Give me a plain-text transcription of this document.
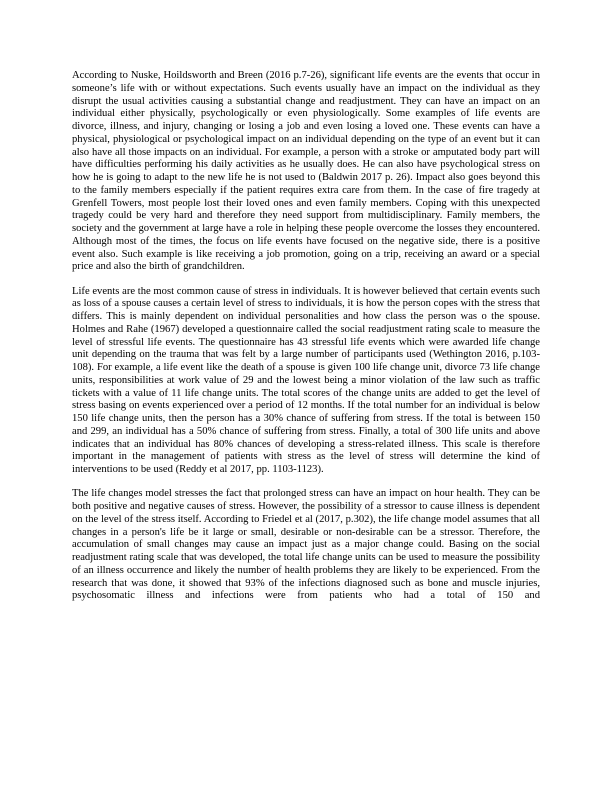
According to Nuske, Hoildsworth and Breen (2016 p.7-26), significant life events are the events that occur in someone’s life with or without expectations. Such events usually have an impact on the individual as they disrupt the usual activities causing a substantial change and readjustment. They can have an impact on an individual either physically, psychologically or even physiologically. Some examples of life events are divorce, illness, and injury, changing or losing a job and even losing a loved one. These events can have a physical, physiological or psychological impact on an individual depending on the type of an event but it can also have all those impacts on an individual. For example, a person with a stroke or amputated body part will have difficulties performing his daily activities as he usually does. He can also have psychological stress on how he is going to adapt to the new life he is not used to (Baldwin 2017 p. 26). Impact also goes beyond this to the family members especially if the patient requires extra care from them. In the case of fire tragedy at Grenfell Towers, most people lost their loved ones and even family members. Coping with this unexpected tragedy could be very hard and therefore they need support from multidisciplinary. Family members, the society and the government at large have a role in helping these people overcome the losses they encountered. Although most of the times, the focus on life events have focused on the negative side, there is a positive event also. Such example is like receiving a job promotion, going on a trip, receiving an award or a special price and also the birth of grandchildren.

Life events are the most common cause of stress in individuals. It is however believed that certain events such as loss of a spouse causes a certain level of stress to individuals, it is how the person copes with the stress that differs. This is mainly dependent on individual personalities and how class the person was o the spouse. Holmes and Rahe (1967) developed a questionnaire called the social readjustment rating scale to measure the level of stressful life events. The questionnaire has 43 stressful life events which were awarded life change unit depending on the trauma that was felt by a large number of participants used (Wethington 2016, p.103-108). For example, a life event like the death of a spouse is given 100 life change unit, divorce 73 life change units, responsibilities at work value of 29 and the lowest being a minor violation of the law such as traffic tickets with a value of 11 life change units. The total scores of the change units are added to get the level of stress basing on events experienced over a period of 12 months. If the total number for an individual is below 150 life change units, then the person has a 30% chance of suffering from stress. If the total is between 150 and 299, an individual has a 50% chance of suffering from stress. Finally, a total of 300 life units and above indicates that an individual has 80% chances of developing a stress-related illness. This scale is therefore important in the management of patients with stress as the level of stress will determine the kind of interventions to be used (Reddy et al 2017, pp. 1103-1123).

The life changes model stresses the fact that prolonged stress can have an impact on hour health. They can be both positive and negative causes of stress. However, the possibility of a stressor to cause illness is dependent on the level of the stress itself. According to Friedel et al (2017, p.302), the life change model assumes that all changes in a person's life be it large or small, desirable or non-desirable can be a stressor. Therefore, the accumulation of small changes may cause an impact just as a major change could. Basing on the social readjustment rating scale that was developed, the total life change units can be used to measure the possibility of an illness occurrence and likely the number of health problems they are likely to be experienced. From the research that was done, it showed that 93% of the infections diagnosed such as bone and muscle injuries, psychosomatic illness and infections were from patients who had a total of 150 and
